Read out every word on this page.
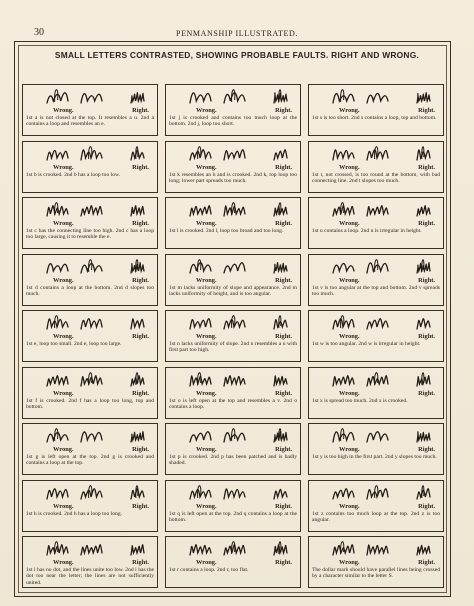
30	PENMANSHIP ILLUSTRATED.
SMALL LETTERS CONTRASTED, SHOWING PROBABLE FAULTS. RIGHT AND WRONG.
Wrong.	Right.
1st a is not closed at the top. It resembles a u. 2nd a contains a loop and resembles an e.
Wrong.	Right.
1st b is crooked. 2nd b has a loop too low.
Wrong.	Right.
1st c has the connecting line too high. 2nd c has a loop too large, causing it to resemble the e.
Wrong.	Right.
1st d contains a loop at the bottom. 2nd d slopes too much.
Wrong.	Right.
1st e, loop too small. 2nd e, loop too large.
Wrong.	Right.
1st f is crooked. 2nd f has a loop too long, top and bottom.
Wrong.	Right.
1st g is left open at the top. 2nd g is crooked and contains a loop at the top.
Wrong.	Right.
1st h is crooked. 2nd h has a loop too long.
Wrong.	Right.
1st i has no dot, and the lines unite too low. 2nd i has the dot too near the letter; the lines are not sufficiently united.
Wrong.	Right.
1st j is crooked and contains too much loop at the bottom. 2nd j, loop too short.
Wrong.	Right.
1st k resembles an h and is crooked. 2nd k, top loop too long; lower part spreads too much.
Wrong.	Right.
1st l is crooked. 2nd l, loop too broad and too long.
Wrong.	Right.
1st m lacks uniformity of slope and appearance. 2nd m lacks uniformity of height, and is too angular.
Wrong.	Right.
1st n lacks uniformity of slope. 2nd n resembles a u with first part too high.
Wrong.	Right.
1st o is left open at the top and resembles a v. 2nd o contains a loop.
Wrong.	Right.
1st p is crooked. 2nd p has been patched and is badly shaded.
Wrong.	Right.
1st q is left open at the top. 2nd q contains a loop at the bottom.
Wrong.	Right.
1st r contains a loop. 2nd r, too flat.
Wrong.	Right.
1st s is too short. 2nd s contains a loop, top and bottom.
Wrong.	Right.
1st t, not crossed, is too round at the bottom, with bad connecting line. 2nd t slopes too much.
Wrong.	Right.
1st u contains a loop. 2nd u is irregular in height.
Wrong.	Right.
1st v is too angular at the top and bottom. 2nd v spreads too much.
Wrong.	Right.
1st w is too angular. 2nd w is irregular in height.
Wrong.	Right.
1st x is spread too much. 2nd x is crooked.
Wrong.	Right.
1st y is too high in the first part. 2nd y slopes too much.
Wrong.	Right.
1st z contains too much loop at the top. 2nd z is too angular.
Wrong.	Right.
The dollar mark should have parallel lines being crossed by a character similar to the letter S.
